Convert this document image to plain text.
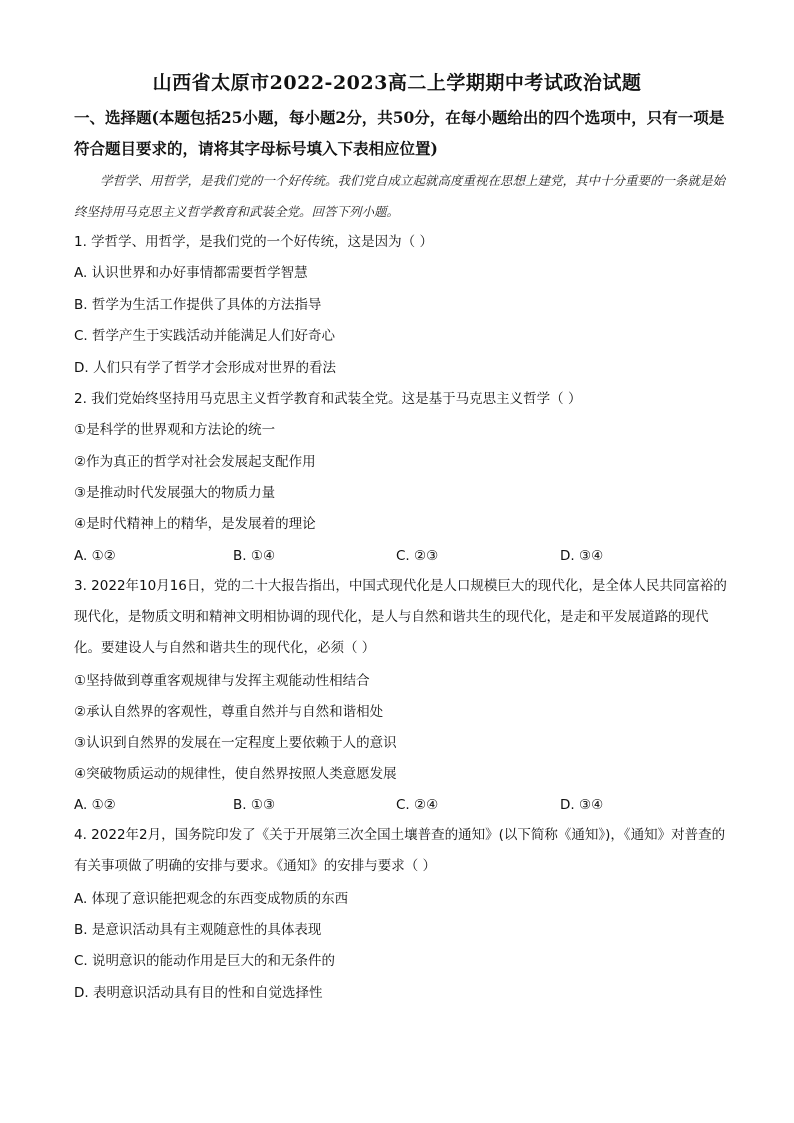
山西省太原市2022-2023高二上学期期中考试政治试题
一、选择题(本题包括25小题，每小题2分，共50分，在每小题给出的四个选项中，只有一项是符合题目要求的，请将其字母标号填入下表相应位置)
学哲学、用哲学，是我们党的一个好传统。我们党自成立起就高度重视在思想上建党，其中十分重要的一条就是始终坚持用马克思主义哲学教育和武装全党。回答下列小题。
1. 学哲学、用哲学，是我们党的一个好传统，这是因为（ ）
A. 认识世界和办好事情都需要哲学智慧
B. 哲学为生活工作提供了具体的方法指导
C. 哲学产生于实践活动并能满足人们好奇心
D. 人们只有学了哲学才会形成对世界的看法
2. 我们党始终坚持用马克思主义哲学教育和武装全党。这是基于马克思主义哲学（ ）
①是科学的世界观和方法论的统一
②作为真正的哲学对社会发展起支配作用
③是推动时代发展强大的物质力量
④是时代精神上的精华，是发展着的理论
A. ①②	B. ①④	C. ②③	D. ③④
3. 2022年10月16日，党的二十大报告指出，中国式现代化是人口规模巨大的现代化，是全体人民共同富裕的现代化，是物质文明和精神文明相协调的现代化，是人与自然和谐共生的现代化，是走和平发展道路的现代化。要建设人与自然和谐共生的现代化，必须（ ）
①坚持做到尊重客观规律与发挥主观能动性相结合
②承认自然界的客观性，尊重自然并与自然和谐相处
③认识到自然界的发展在一定程度上要依赖于人的意识
④突破物质运动的规律性，使自然界按照人类意愿发展
A. ①②	B. ①③	C. ②④	D. ③④
4. 2022年2月，国务院印发了《关于开展第三次全国土壤普查的通知》(以下简称《通知》)，《通知》对普查的有关事项做了明确的安排与要求。《通知》的安排与要求（ ）
A. 体现了意识能把观念的东西变成物质的东西
B. 是意识活动具有主观随意性的具体表现
C. 说明意识的能动作用是巨大的和无条件的
D. 表明意识活动具有目的性和自觉选择性
